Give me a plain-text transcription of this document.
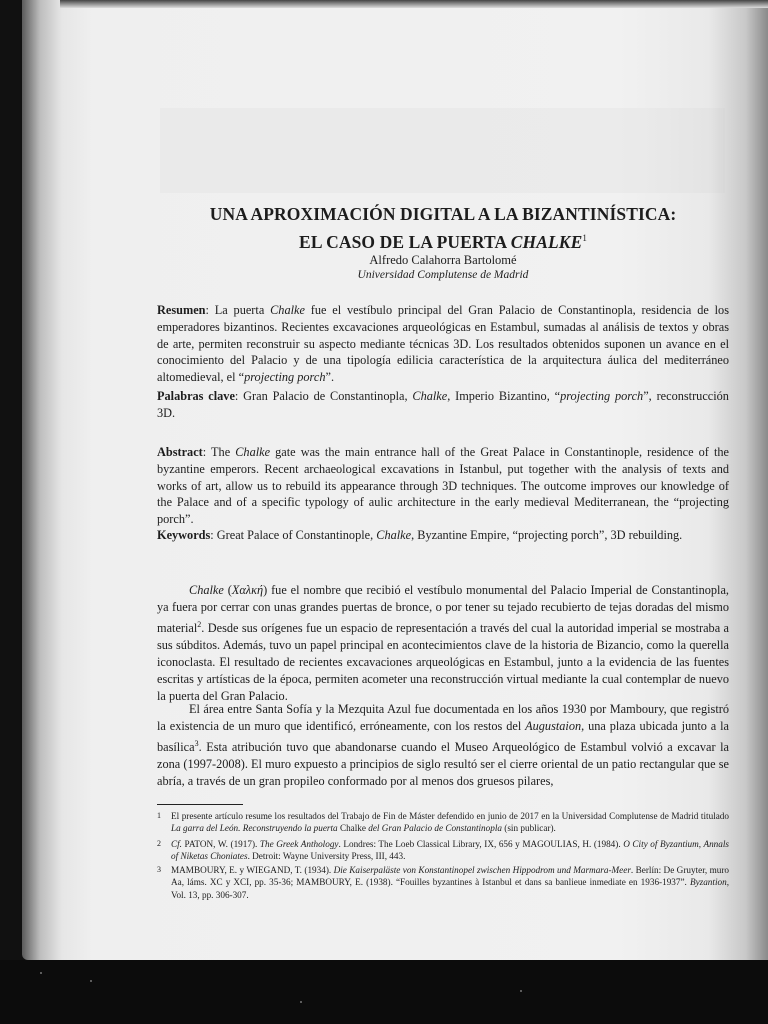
UNA APROXIMACIÓN DIGITAL A LA BIZANTINÍSTICA:
EL CASO DE LA PUERTA CHALKE$^1$
Alfredo Calahorra Bartolomé
Universidad Complutense de Madrid
Resumen: La puerta Chalke fue el vestíbulo principal del Gran Palacio de Constantinopla, residencia de los emperadores bizantinos. Recientes excavaciones arqueológicas en Estambul, sumadas al análisis de textos y obras de arte, permiten reconstruir su aspecto mediante técnicas 3D. Los resultados obtenidos suponen un avance en el conocimiento del Palacio y de una tipología edilicia característica de la arquitectura áulica del mediterráneo altomedieval, el “projecting porch”.
Palabras clave: Gran Palacio de Constantinopla, Chalke, Imperio Bizantino, “projecting porch”, reconstrucción 3D.
Abstract: The Chalke gate was the main entrance hall of the Great Palace in Constantinople, residence of the byzantine emperors. Recent archaeological excavations in Istanbul, put together with the analysis of texts and works of art, allow us to rebuild its appearance through 3D techniques. The outcome improves our knowledge of the Palace and of a specific typology of aulic architecture in the early medieval Mediterranean, the “projecting porch”.
Keywords: Great Palace of Constantinople, Chalke, Byzantine Empire, “projecting porch”, 3D rebuilding.
Chalke (Χαλκή) fue el nombre que recibió el vestíbulo monumental del Palacio Imperial de Constantinopla, ya fuera por cerrar con unas grandes puertas de bronce, o por tener su tejado recubierto de tejas doradas del mismo material$^2$. Desde sus orígenes fue un espacio de representación a través del cual la autoridad imperial se mostraba a sus súbditos. Además, tuvo un papel principal en acontecimientos clave de la historia de Bizancio, como la querella iconoclasta. El resultado de recientes excavaciones arqueológicas en Estambul, junto a la evidencia de las fuentes escritas y artísticas de la época, permiten acometer una reconstrucción virtual mediante la cual contemplar de nuevo la puerta del Gran Palacio.
El área entre Santa Sofía y la Mezquita Azul fue documentada en los años 1930 por Mamboury, que registró la existencia de un muro que identificó, erróneamente, con los restos del Augustaion, una plaza ubicada junto a la basílica$^3$. Esta atribución tuvo que abandonarse cuando el Museo Arqueológico de Estambul volvió a excavar la zona (1997-2008). El muro expuesto a principios de siglo resultó ser el cierre oriental de un patio rectangular que se abría, a través de un gran propileo conformado por al menos dos gruesos pilares,
1 El presente artículo resume los resultados del Trabajo de Fin de Máster defendido en junio de 2017 en la Universidad Complutense de Madrid titulado La garra del León. Reconstruyendo la puerta Chalke del Gran Palacio de Constantinopla (sin publicar).
2 Cf. PATON, W. (1917). The Greek Anthology. Londres: The Loeb Classical Library, IX, 656 y MAGOULIAS, H. (1984). O City of Byzantium, Annals of Niketas Choniates. Detroit: Wayne University Press, III, 443.
3 MAMBOURY, E. y WIEGAND, T. (1934). Die Kaiserpaläste von Konstantinopel zwischen Hippodrom und Marmara-Meer. Berlín: De Gruyter, muro Aa, láms. XC y XCI, pp. 35-36; MAMBOURY, E. (1938). “Fouilles byzantines à Istanbul et dans sa banlieue inmediate en 1936-1937”. Byzantion, Vol. 13, pp. 306-307.
